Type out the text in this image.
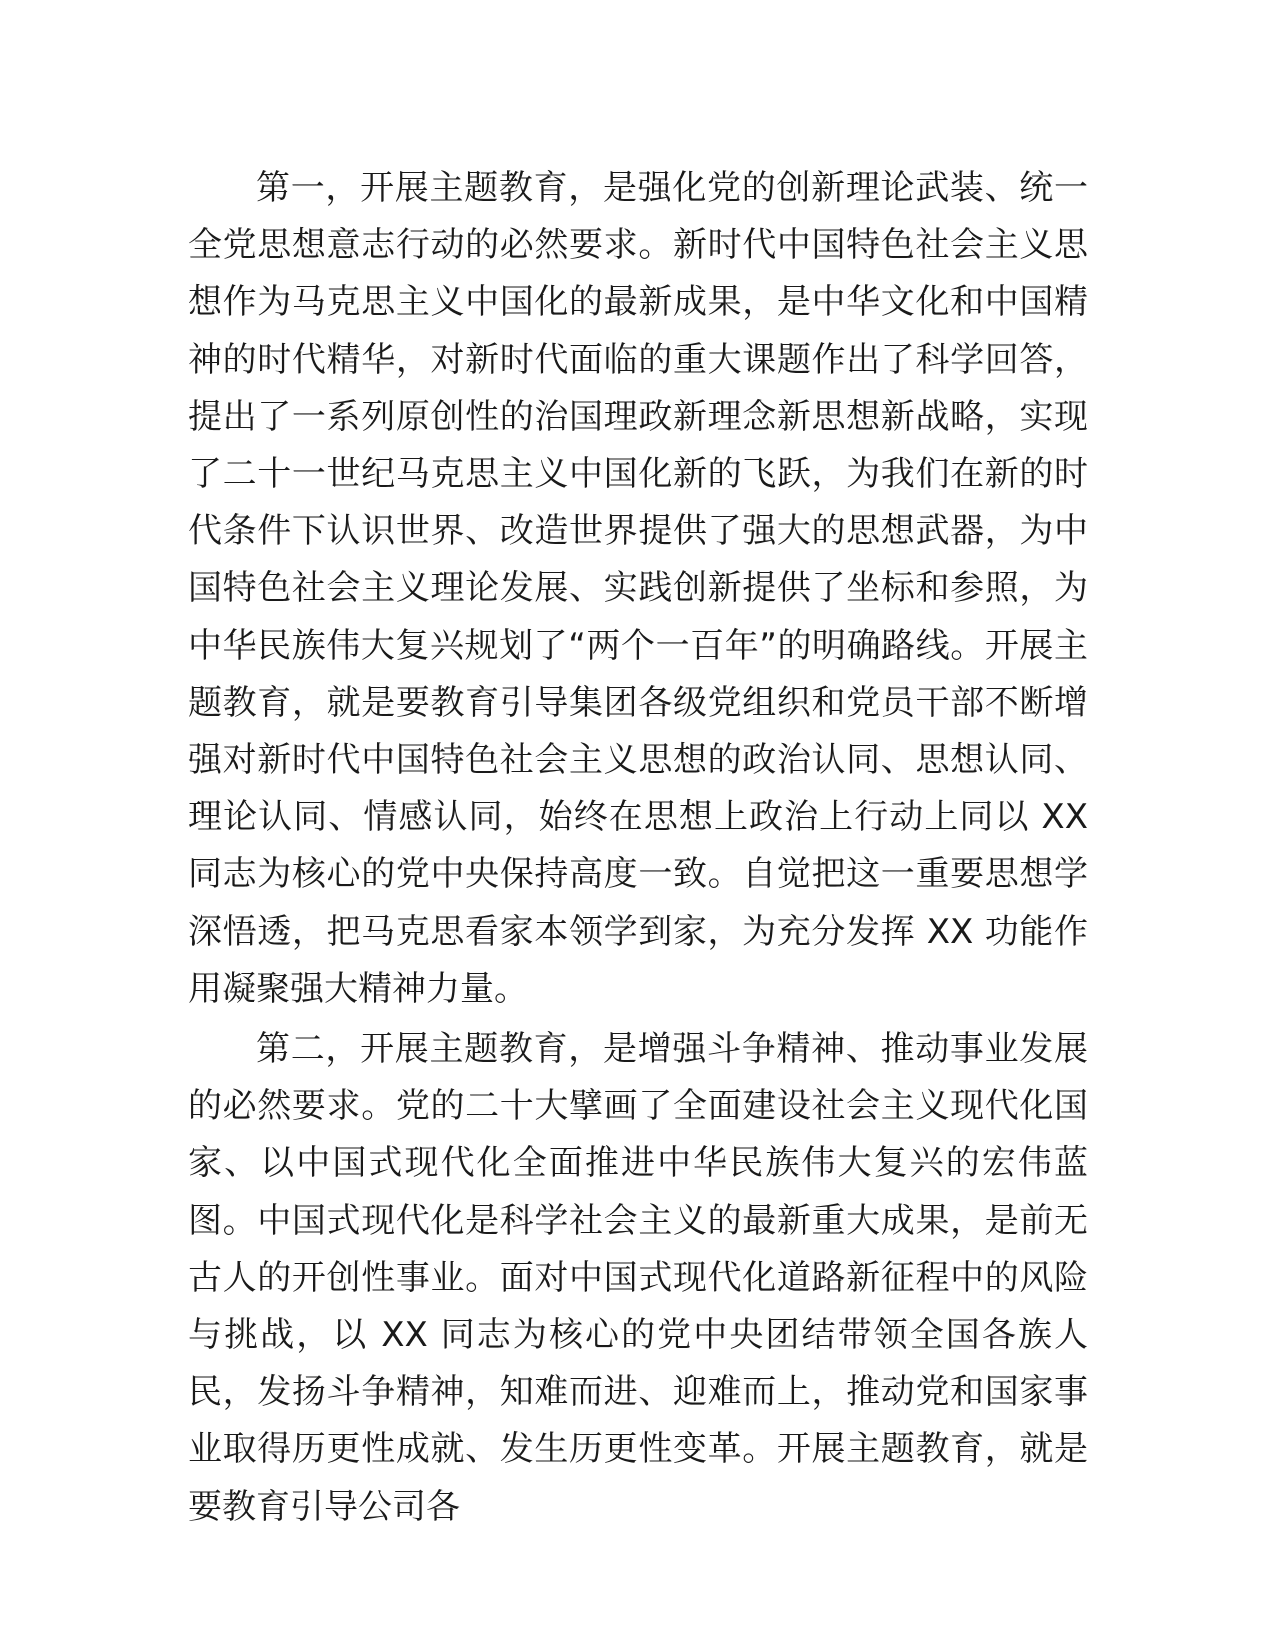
第一，开展主题教育，是强化党的创新理论武装、统一全党思想意志行动的必然要求。新时代中国特色社会主义思想作为马克思主义中国化的最新成果，是中华文化和中国精神的时代精华，对新时代面临的重大课题作出了科学回答，提出了一系列原创性的治国理政新理念新思想新战略，实现了二十一世纪马克思主义中国化新的飞跃，为我们在新的时代条件下认识世界、改造世界提供了强大的思想武器，为中国特色社会主义理论发展、实践创新提供了坐标和参照，为中华民族伟大复兴规划了“两个一百年”的明确路线。开展主题教育，就是要教育引导集团各级党组织和党员干部不断增强对新时代中国特色社会主义思想的政治认同、思想认同、理论认同、情感认同，始终在思想上政治上行动上同以 XX 同志为核心的党中央保持高度一致。自觉把这一重要思想学深悟透，把马克思看家本领学到家，为充分发挥 XX 功能作用凝聚强大精神力量。

第二，开展主题教育，是增强斗争精神、推动事业发展的必然要求。党的二十大擘画了全面建设社会主义现代化国家、以中国式现代化全面推进中华民族伟大复兴的宏伟蓝图。中国式现代化是科学社会主义的最新重大成果，是前无古人的开创性事业。面对中国式现代化道路新征程中的风险与挑战，以 XX 同志为核心的党中央团结带领全国各族人民，发扬斗争精神，知难而进、迎难而上，推动党和国家事业取得历更性成就、发生历更性变革。开展主题教育，就是要教育引导公司各
